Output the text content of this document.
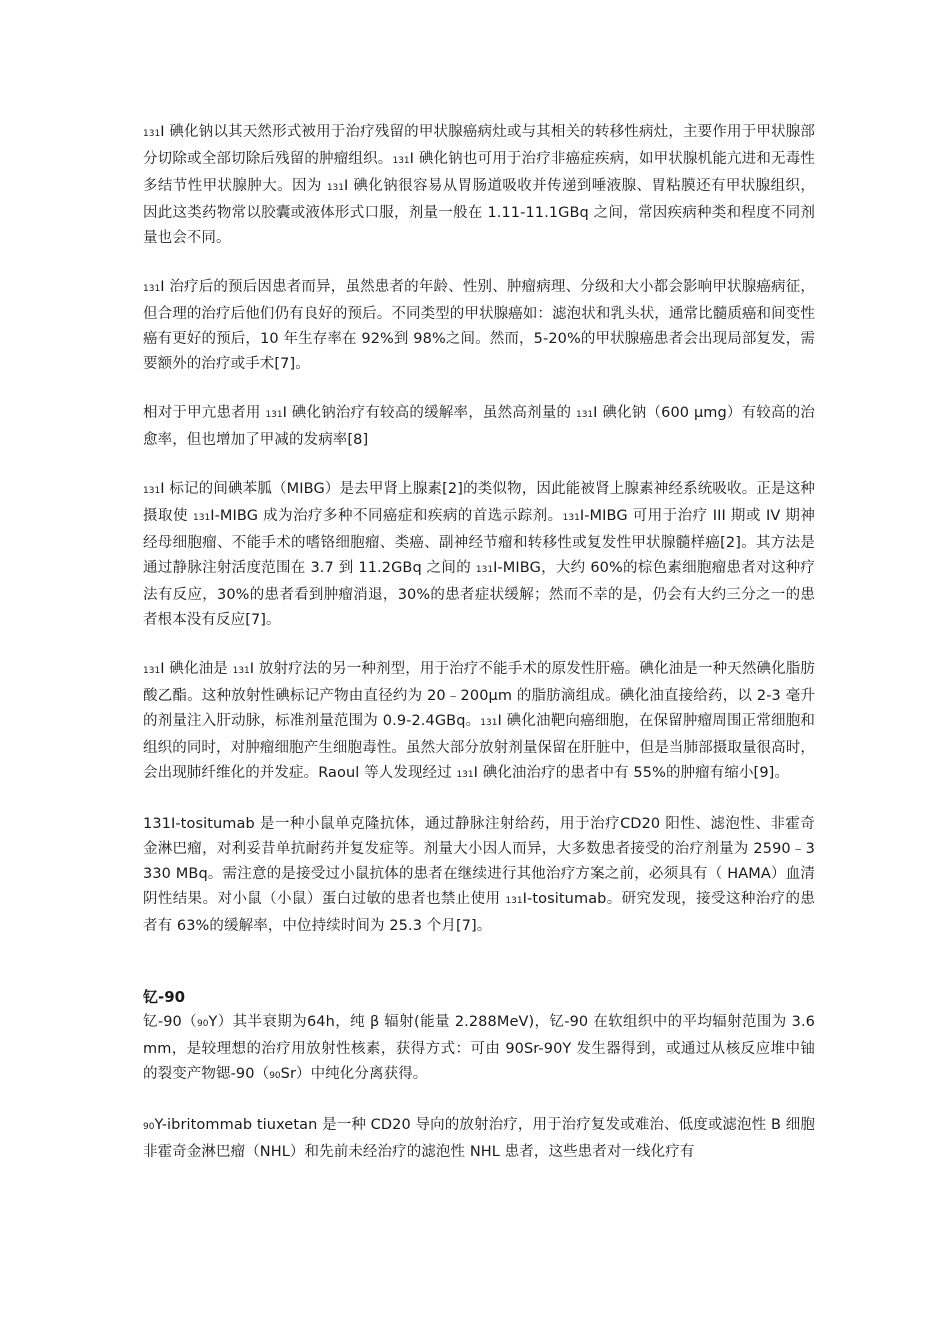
131I 碘化钠以其天然形式被用于治疗残留的甲状腺癌病灶或与其相关的转移性病灶，主要作用于甲状腺部分切除或全部切除后残留的肿瘤组织。131I 碘化钠也可用于治疗非癌症疾病，如甲状腺机能亢进和无毒性多结节性甲状腺肿大。因为 131I 碘化钠很容易从胃肠道吸收并传递到唾液腺、胃粘膜还有甲状腺组织，因此这类药物常以胶囊或液体形式口服，剂量一般在 1.11-11.1GBq 之间，常因疾病种类和程度不同剂量也会不同。

131I 治疗后的预后因患者而异，虽然患者的年龄、性别、肿瘤病理、分级和大小都会影响甲状腺癌病征，但合理的治疗后他们仍有良好的预后。不同类型的甲状腺癌如：滤泡状和乳头状，通常比髓质癌和间变性癌有更好的预后，10 年生存率在 92%到 98%之间。然而，5-20%的甲状腺癌患者会出现局部复发，需要额外的治疗或手术[7]。

相对于甲亢患者用 131I 碘化钠治疗有较高的缓解率，虽然高剂量的 131I 碘化钠（600 μmg）有较高的治愈率，但也增加了甲减的发病率[8]

131I 标记的间碘苯胍（MIBG）是去甲肾上腺素[2]的类似物，因此能被肾上腺素神经系统吸收。正是这种摄取使 131I-MIBG 成为治疗多种不同癌症和疾病的首选示踪剂。131I-MIBG 可用于治疗 III 期或 IV 期神经母细胞瘤、不能手术的嗜铬细胞瘤、类癌、副神经节瘤和转移性或复发性甲状腺髓样癌[2]。其方法是通过静脉注射活度范围在 3.7 到 11.2GBq 之间的 131I-MIBG，大约 60%的棕色素细胞瘤患者对这种疗法有反应，30%的患者看到肿瘤消退，30%的患者症状缓解；然而不幸的是，仍会有大约三分之一的患者根本没有反应[7]。

131I 碘化油是 131I 放射疗法的另一种剂型，用于治疗不能手术的原发性肝癌。碘化油是一种天然碘化脂肪酸乙酯。这种放射性碘标记产物由直径约为 20﹣200μm 的脂肪滴组成。碘化油直接给药，以 2-3 毫升的剂量注入肝动脉，标准剂量范围为 0.9-2.4GBq。131I 碘化油靶向癌细胞，在保留肿瘤周围正常细胞和组织的同时，对肿瘤细胞产生细胞毒性。虽然大部分放射剂量保留在肝脏中，但是当肺部摄取量很高时，会出现肺纤维化的并发症。Raoul 等人发现经过 131I 碘化油治疗的患者中有 55%的肿瘤有缩小[9]。

131I-tositumab 是一种小鼠单克隆抗体，通过静脉注射给药，用于治疗CD20 阳性、滤泡性、非霍奇金淋巴瘤，对利妥昔单抗耐药并复发症等。剂量大小因人而异，大多数患者接受的治疗剂量为 2590﹣3330 MBq。需注意的是接受过小鼠抗体的患者在继续进行其他治疗方案之前，必须具有（ HAMA）血清阴性结果。对小鼠（小鼠）蛋白过敏的患者也禁止使用 131I-tositumab。研究发现，接受这种治疗的患者有 63%的缓解率，中位持续时间为 25.3 个月[7]。

钇-90

钇-90（90Y）其半衰期为64h，纯 β 辐射(能量 2.288MeV)，钇-90 在软组织中的平均辐射范围为 3.6mm，是较理想的治疗用放射性核素，获得方式：可由 90Sr-90Y 发生器得到，或通过从核反应堆中铀的裂变产物锶-90（90Sr）中纯化分离获得。

90Y-ibritommab tiuxetan 是一种 CD20 导向的放射治疗，用于治疗复发或难治、低度或滤泡性 B 细胞非霍奇金淋巴瘤（NHL）和先前未经治疗的滤泡性 NHL 患者，这些患者对一线化疗有
